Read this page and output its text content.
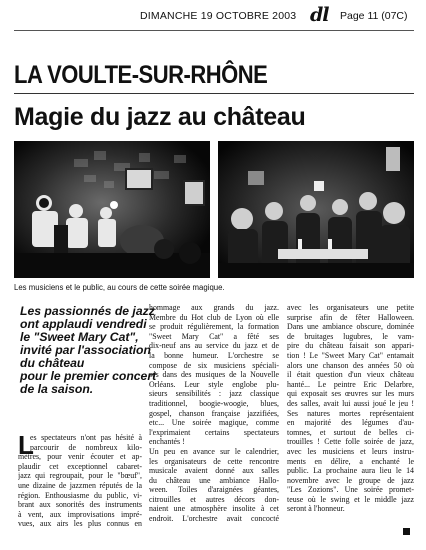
DIMANCHE 19 OCTOBRE 2003 dl Page 11 (07C)
LA VOULTE-SUR-RHÔNE
Magie du jazz au château
Les musiciens et le public, au cours de cette soirée magique.
Les passionnés de jazz
ont applaudi vendredi
le "Sweet Mary Cat",
invité par l'association
du château
pour le premier concert
de la saison.
L
es spectateurs n'ont pas hésité à
parcourir de nombreux kilo-
mètres, pour venir écouter et ap-
plaudir cet exceptionnel cabaret-
jazz qui regroupait, pour le "bœuf",
une dizaine de jazzmen réputés de la
région. Enthousiasme du public, vi-
brant aux sonorités des instruments
à vent, aux improvisations impré-
vues, aux airs les plus connus en
hommage aux grands du jazz.
Membre du Hot club de Lyon où elle
se produit régulièrement, la formation
"Sweet Mary Cat" a fêté ses
dix-neuf ans au service du jazz et de
la bonne humeur. L'orchestre se
compose de six musiciens spéciali-
sés dans des musiques de la Nouvelle
Orléans. Leur style englobe plu-
sieurs sensibilités : jazz classique
traditionnel, boogie-woogie, blues,
gospel, chanson française jazzifiées,
etc... Une soirée magique, comme
l'exprimaient certains spectateurs
enchantés !
Un peu en avance sur le calendrier,
les organisateurs de cette rencontre
musicale avaient donné aux salles
du château une ambiance Hallo-
ween. Toiles d'araignées géantes,
citrouilles et autres décors don-
naient une atmosphère insolite à cet
endroit. L'orchestre avait concocté
avec les organisateurs une petite
surprise afin de fêter Halloween.
Dans une ambiance obscure, dominée
de bruitages lugubres, le vam-
pire du château faisait son appari-
tion ! Le "Sweet Mary Cat" entamait
alors une chanson des années 50 où
il était question d'un vieux château
hanté... Le peintre Eric Delarbre,
qui exposait ses œuvres sur les murs
des salles, avait lui aussi joué le jeu !
Ses natures mortes représentaient
en majorité des légumes d'au-
tomnes, et surtout de belles ci-
trouilles ! Cette folle soirée de jazz,
avec les musiciens et leurs instru-
ments en délire, a enchanté le
public. La prochaine aura lieu le 14
novembre avec le groupe de jazz
"Les Zozions". Une soirée promet-
teuse où le swing et le middle jazz
seront à l'honneur.
